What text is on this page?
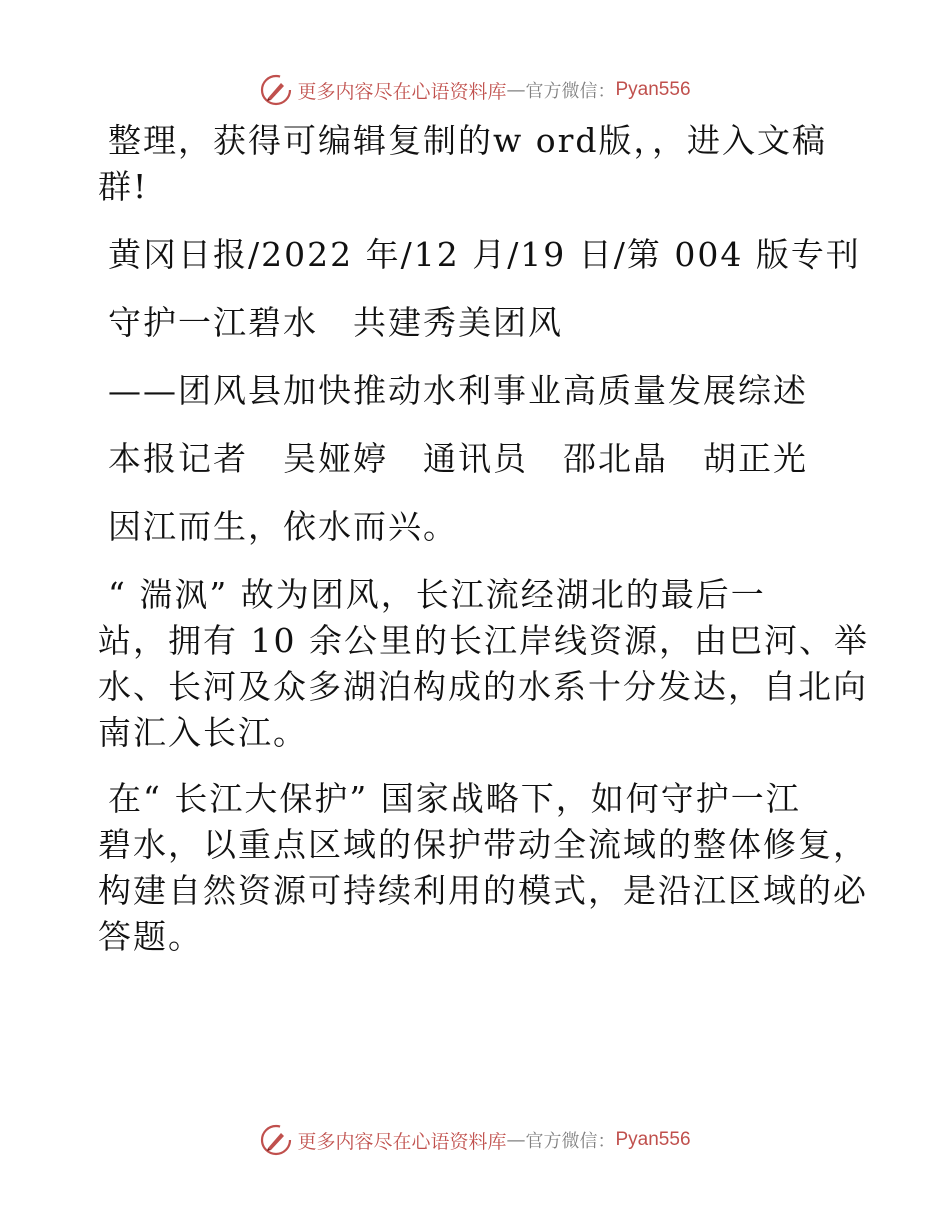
更多内容尽在心语资料库 — 官方微信： Pyan556

整理，获得可编辑复制的w ord版，，进入文稿
群!

黄冈日报/2022 年/12 月/19 日/第 004 版专刊

守护一江碧水　共建秀美团风

——团风县加快推动水利事业高质量发展综述

本报记者　吴娅婷　通讯员　邵北晶　胡正光

因江而生，依水而兴。

“ 湍沨” 故为团风，长江流经湖北的最后一
站，拥有 10 余公里的长江岸线资源，由巴河、举
水、长河及众多湖泊构成的水系十分发达，自北向
南汇入长江。

在“ 长江大保护” 国家战略下，如何守护一江
碧水，以重点区域的保护带动全流域的整体修复，
构建自然资源可持续利用的模式，是沿江区域的必
答题。

更多内容尽在心语资料库 — 官方微信： Pyan556
